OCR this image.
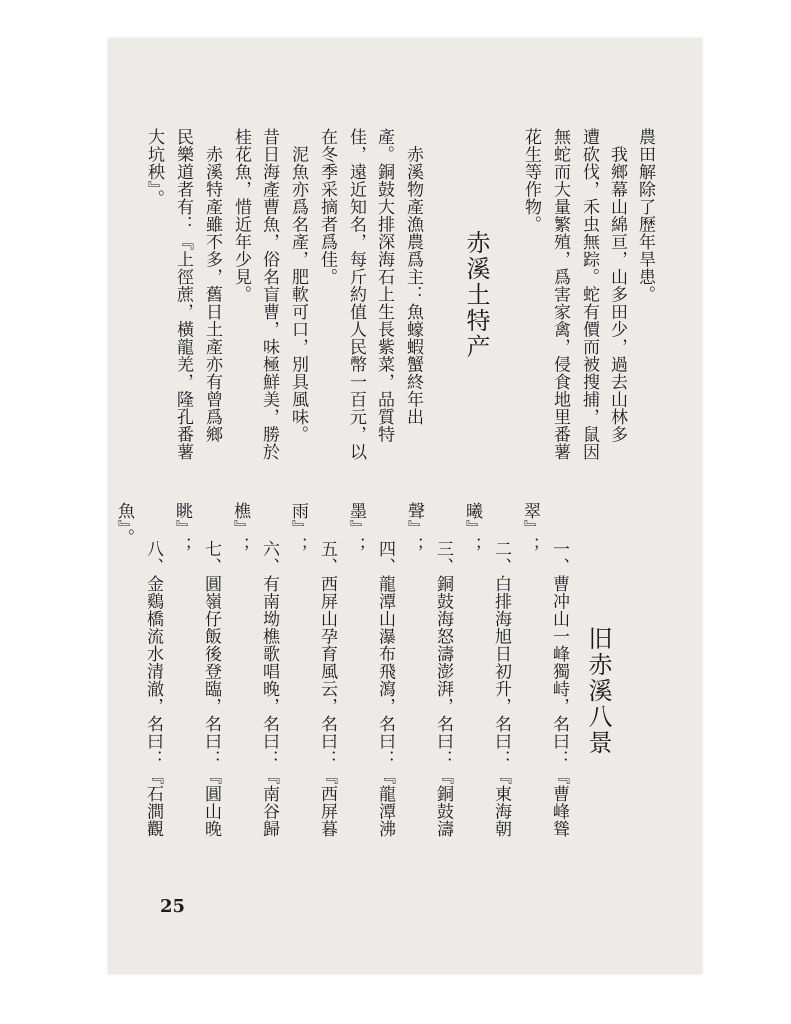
農田解除了歷年旱患。
　我鄉幕山綿亘，山多田少，過去山林多
遭砍伐，禾虫無踪。蛇有價而被搜捕，鼠因
無蛇而大量繁殖，爲害家禽，侵食地里番薯
花生等作物。
赤溪土特产
　赤溪物產漁農爲主：魚蠔蝦蟹終年出
產。銅鼓大排深海石上生長紫菜，品質特
佳，遠近知名，每斤約值人民幣一百元，以
在冬季采摘者爲佳。
　泥魚亦爲名產，肥軟可口，別具風味。
昔日海產曹魚，俗名盲曹，味極鮮美，勝於
桂花魚，惜近年少見。
　赤溪特產雖不多，舊日土產亦有曾爲鄉
民樂道者有：『上徑蔗，橫龍羌，隆孔番薯
大坑秧』。
旧赤溪八景
一、曹冲山一峰獨峙，名曰：『曹峰聳
翠』；
二、白排海旭日初升，名曰：『東海朝
曦』；
三、銅鼓海怒濤澎湃，名曰：『銅鼓濤
聲』；
四、龍潭山瀑布飛瀉，名曰：『龍潭沸
墨』；
五、西屏山孕育風云，名曰：『西屏暮
雨』；
六、有南坳樵歌唱晚，名曰：『南谷歸
樵』；
七、圓嶺仔飯後登臨，名曰：『圓山晚
眺』；
八、金鷄橋流水清澈，名曰：『石澗觀
魚』。
25
